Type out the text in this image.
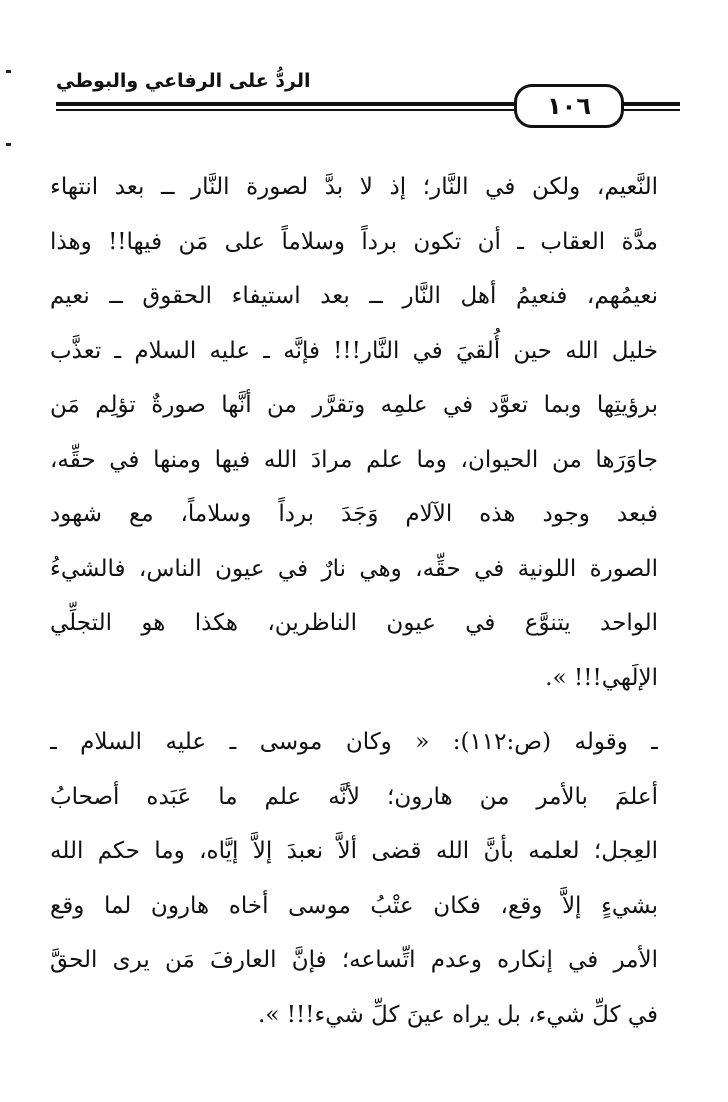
الردُّ على الرفاعي والبوطي
١٠٦
النَّعيم، ولكن في النَّار؛ إذ لا بدَّ لصورة النَّار ــ بعد انتهاء
مدَّة العقاب ـ أن تكون برداً وسلاماً على مَن فيها!! وهذا
نعيمُهم، فنعيمُ أهل النَّار ــ بعد استيفاء الحقوق ــ نعيم
خليل الله حين أُلقيَ في النَّار!!! فإنَّه ـ عليه السلام ـ تعذَّب
برؤيتِها وبما تعوَّد في علمِه وتقرَّر من أنَّها صورةٌ تؤلِم مَن
جاوَرَها من الحيوان، وما علم مرادَ الله فيها ومنها في حقِّه،
فبعد وجود هذه الآلام وَجَدَ برداً وسلاماً، مع شهود
الصورة اللونية في حقِّه، وهي نارٌ في عيون الناس، فالشيءُ
الواحد يتنوَّع في عيون الناظرين، هكذا هو التجلِّي
الإلَهي!!! ».
ـ وقوله (ص:١١٢): « وكان موسى ـ عليه السلام ـ
أعلمَ بالأمر من هارون؛ لأنَّه علم ما عَبَده أصحابُ
العِجل؛ لعلمه بأنَّ الله قضى ألاَّ نعبدَ إلاَّ إيَّاه، وما حكم الله
بشيءٍ إلاَّ وقع، فكان عتْبُ موسى أخاه هارون لما وقع
الأمر في إنكاره وعدم اتِّساعه؛ فإنَّ العارفَ مَن يرى الحقَّ
في كلِّ شيء، بل يراه عينَ كلِّ شيء!!! ».
